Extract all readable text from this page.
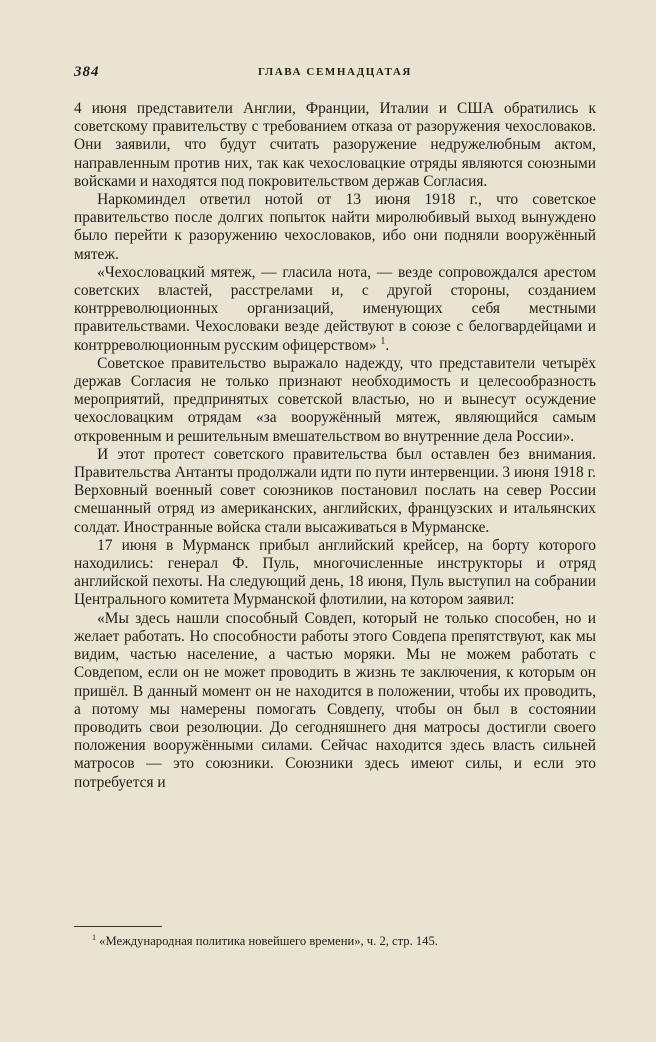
384	ГЛАВА СЕМНАДЦАТАЯ

4 июня представители Англии, Франции, Италии и США обратились к советскому правительству с требованием отказа от разоружения чехословаков. Они заявили, что будут считать разоружение недружелюбным актом, направленным против них, так как чехословацкие отряды являются союзными войсками и находятся под покровительством держав Согласия.

Наркоминдел ответил нотой от 13 июня 1918 г., что советское правительство после долгих попыток найти миролюбивый выход вынуждено было перейти к разоружению чехословаков, ибо они подняли вооружённый мятеж.

«Чехословацкий мятеж, — гласила нота, — везде сопровождался арестом советских властей, расстрелами и, с другой стороны, созданием контрреволюционных организаций, именующих себя местными правительствами. Чехословаки везде действуют в союзе с белогвардейцами и контрреволюционным русским офицерством» $^1$.

Советское правительство выражало надежду, что представители четырёх держав Согласия не только признают необходимость и целесообразность мероприятий, предпринятых советской властью, но и вынесут осуждение чехословацким отрядам «за вооружённый мятеж, являющийся самым откровенным и решительным вмешательством во внутренние дела России».

И этот протест советского правительства был оставлен без внимания. Правительства Антанты продолжали идти по пути интервенции. 3 июня 1918 г. Верховный военный совет союзников постановил послать на север России смешанный отряд из американских, английских, французских и итальянских солдат. Иностранные войска стали высаживаться в Мурманске.

17 июня в Мурманск прибыл английский крейсер, на борту которого находились: генерал Ф. Пуль, многочисленные инструкторы и отряд английской пехоты. На следующий день, 18 июня, Пуль выступил на собрании Центрального комитета Мурманской флотилии, на котором заявил:

«Мы здесь нашли способный Совдеп, который не только способен, но и желает работать. Но способности работы этого Совдепа препятствуют, как мы видим, частью население, а частью моряки. Мы не можем работать с Совдепом, если он не может проводить в жизнь те заключения, к которым он пришёл. В данный момент он не находится в положении, чтобы их проводить, а потому мы намерены помогать Совдепу, чтобы он был в состоянии проводить свои резолюции. До сегодняшнего дня матросы достигли своего положения вооружёнными силами. Сейчас находится здесь власть сильней матросов — это союзники. Союзники здесь имеют силы, и если это потребуется и

$^1$ «Международная политика новейшего времени», ч. 2, стр. 145.
